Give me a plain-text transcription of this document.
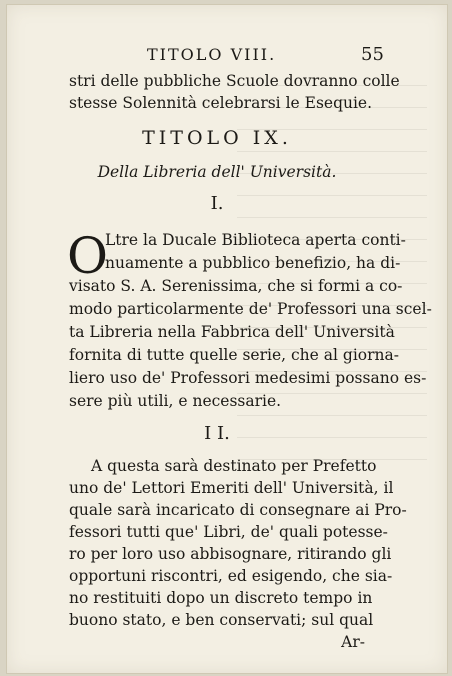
TITOLO VIII.	55
stri delle pubbliche Scuole dovranno colle
stesse Solennità celebrarsi le Esequie.
TITOLO IX.
Della Libreria dell' Università.
I.
O
Ltre la Ducale Biblioteca aperta conti-
nuamente a pubblico benefizio, ha di-
visato S. A. Serenissima, che si formi a co-
modo particolarmente de' Professori una scel-
ta Libreria nella Fabbrica dell' Università
fornita di tutte quelle serie, che al giorna-
liero uso de' Professori medesimi possano es-
sere più utili, e necessarie.
I I.
A questa sarà destinato per Prefetto
uno de' Lettori Emeriti dell' Università, il
quale sarà incaricato di consegnare ai Pro-
fessori tutti que' Libri, de' quali potesse-
ro per loro uso abbisognare, ritirando gli
opportuni riscontri, ed esigendo, che sia-
no restituiti dopo un discreto tempo in
buono stato, e ben conservati; sul qual
Ar-
